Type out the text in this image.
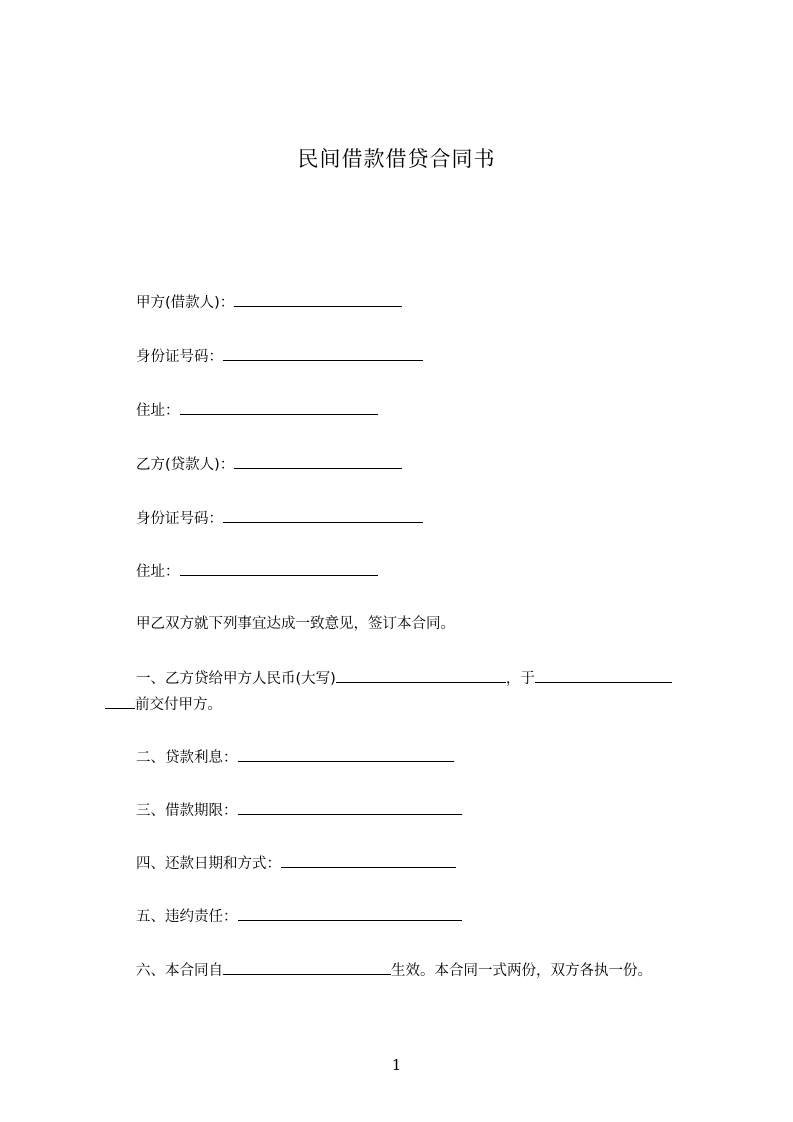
民间借款借贷合同书
甲方(借款人)：
身份证号码：
住址：
乙方(贷款人)：
身份证号码：
住址：
甲乙双方就下列事宜达成一致意见，签订本合同。
一、乙方贷给甲方人民币(大写)	，于
前交付甲方。
二、贷款利息：
三、借款期限：
四、还款日期和方式：
五、违约责任：
六、本合同自	生效。本合同一式两份，双方各执一份。
1
